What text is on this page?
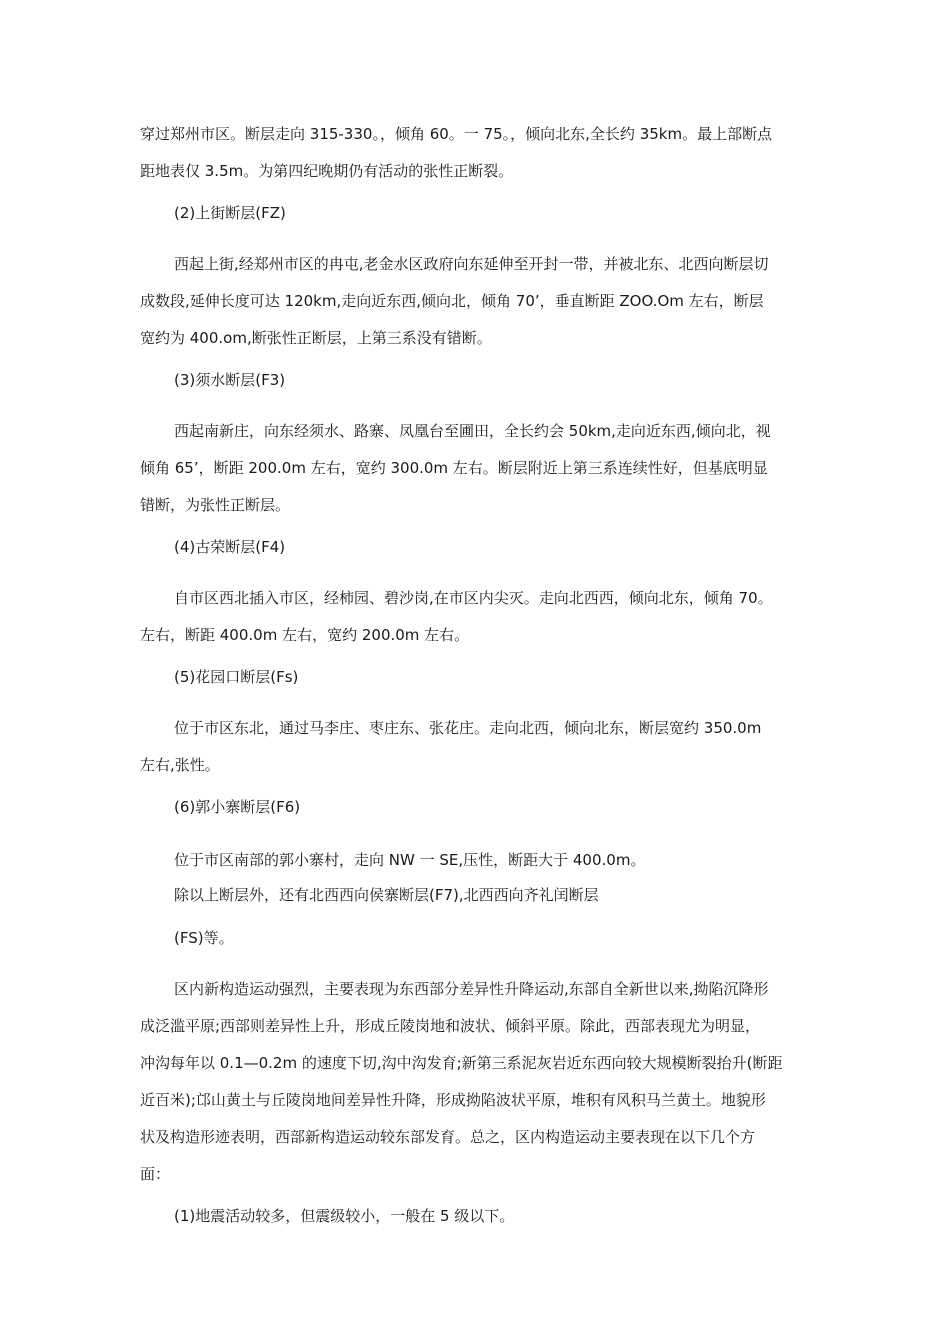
穿过郑州市区。断层走向 315-330。，倾角 60。一 75。，倾向北东,全长约 35km。最上部断点
距地表仅 3.5m。为第四纪晚期仍有活动的张性正断裂。
(2)上街断层(FZ)
西起上街,经郑州市区的冉屯,老金水区政府向东延伸至开封一带，并被北东、北西向断层切
成数段,延伸长度可达 120km,走向近东西,倾向北，倾角 70’，垂直断距 ZOO.Om 左右，断层
宽约为 400.om,断张性正断层，上第三系没有错断。
(3)须水断层(F3)
西起南新庄，向东经须水、路寨、凤凰台至圃田，全长约会 50km,走向近东西,倾向北，视
倾角 65’，断距 200.0m 左右，宽约 300.0m 左右。断层附近上第三系连续性好，但基底明显
错断，为张性正断层。
(4)古荣断层(F4)
自市区西北插入市区，经柿园、碧沙岗,在市区内尖灭。走向北西西，倾向北东，倾角 70。
左右，断距 400.0m 左右，宽约 200.0m 左右。
(5)花园口断层(Fs)
位于市区东北，通过马李庄、枣庄东、张花庄。走向北西，倾向北东，断层宽约 350.0m
左右,张性。
(6)郭小寨断层(F6)
位于市区南部的郭小寨村，走向 NW 一 SE,压性，断距大于 400.0m。
除以上断层外，还有北西西向侯寨断层(F7),北西西向齐礼闰断层
(FS)等。
区内新构造运动强烈，主要表现为东西部分差异性升降运动,东部自全新世以来,拗陷沉降形
成泛滥平原;西部则差异性上升，形成丘陵岗地和波状、倾斜平原。除此，西部表现尤为明显，
冲沟每年以 0.1—0.2m 的速度下切,沟中沟发育;新第三系泥灰岩近东西向较大规模断裂抬升(断距
近百米);邙山黄土与丘陵岗地间差异性升降，形成拗陷波状平原，堆积有风积马兰黄土。地貌形
状及构造形迹表明，西部新构造运动较东部发育。总之，区内构造运动主要表现在以下几个方
面：
(1)地震活动较多，但震级较小，一般在 5 级以下。
